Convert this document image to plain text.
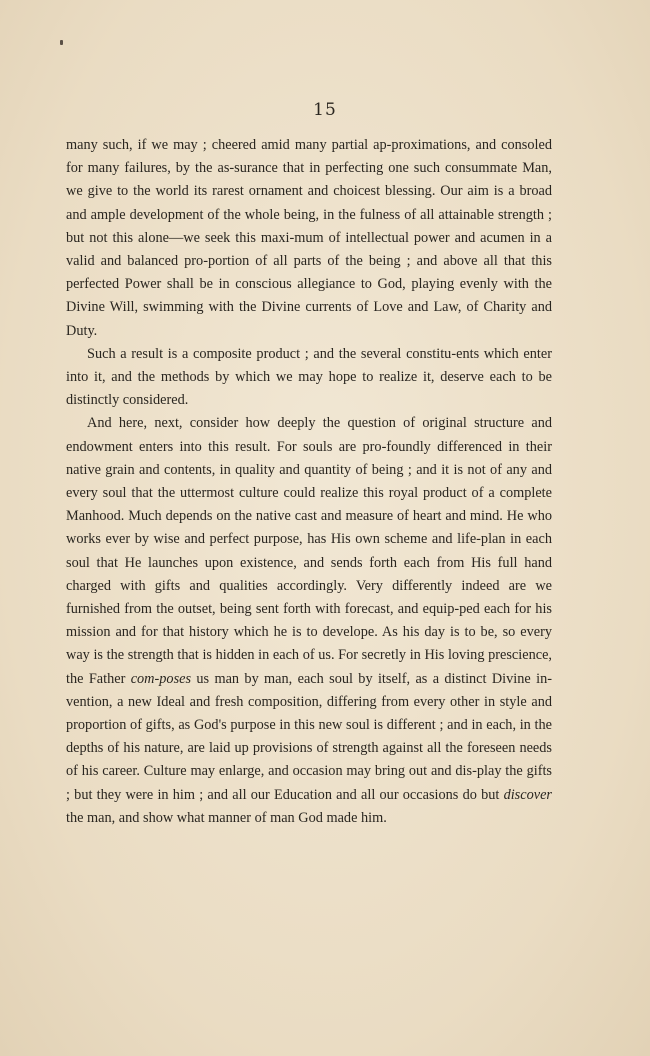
15

many such, if we may ; cheered amid many partial ap-proximations, and consoled for many failures, by the as-surance that in perfecting one such consummate Man, we give to the world its rarest ornament and choicest blessing. Our aim is a broad and ample development of the whole being, in the fulness of all attainable strength ; but not this alone—we seek this maxi-mum of intellectual power and acumen in a valid and balanced pro-portion of all parts of the being ; and above all that this perfected Power shall be in conscious allegiance to God, playing evenly with the Divine Will, swimming with the Divine currents of Love and Law, of Charity and Duty.

Such a result is a composite product ; and the several constitu-ents which enter into it, and the methods by which we may hope to realize it, deserve each to be distinctly considered.

And here, next, consider how deeply the question of original structure and endowment enters into this result. For souls are pro-foundly differenced in their native grain and contents, in quality and quantity of being ; and it is not of any and every soul that the uttermost culture could realize this royal product of a complete Manhood. Much depends on the native cast and measure of heart and mind. He who works ever by wise and perfect purpose, has His own scheme and life-plan in each soul that He launches upon existence, and sends forth each from His full hand charged with gifts and qualities accordingly. Very differently indeed are we furnished from the outset, being sent forth with forecast, and equip-ped each for his mission and for that history which he is to develope. As his day is to be, so every way is the strength that is hidden in each of us. For secretly in His loving prescience, the Father com-poses us man by man, each soul by itself, as a distinct Divine in-vention, a new Ideal and fresh composition, differing from every other in style and proportion of gifts, as God's purpose in this new soul is different ; and in each, in the depths of his nature, are laid up provisions of strength against all the foreseen needs of his career. Culture may enlarge, and occasion may bring out and dis-play the gifts ; but they were in him ; and all our Education and all our occasions do but discover the man, and show what manner of man God made him.
